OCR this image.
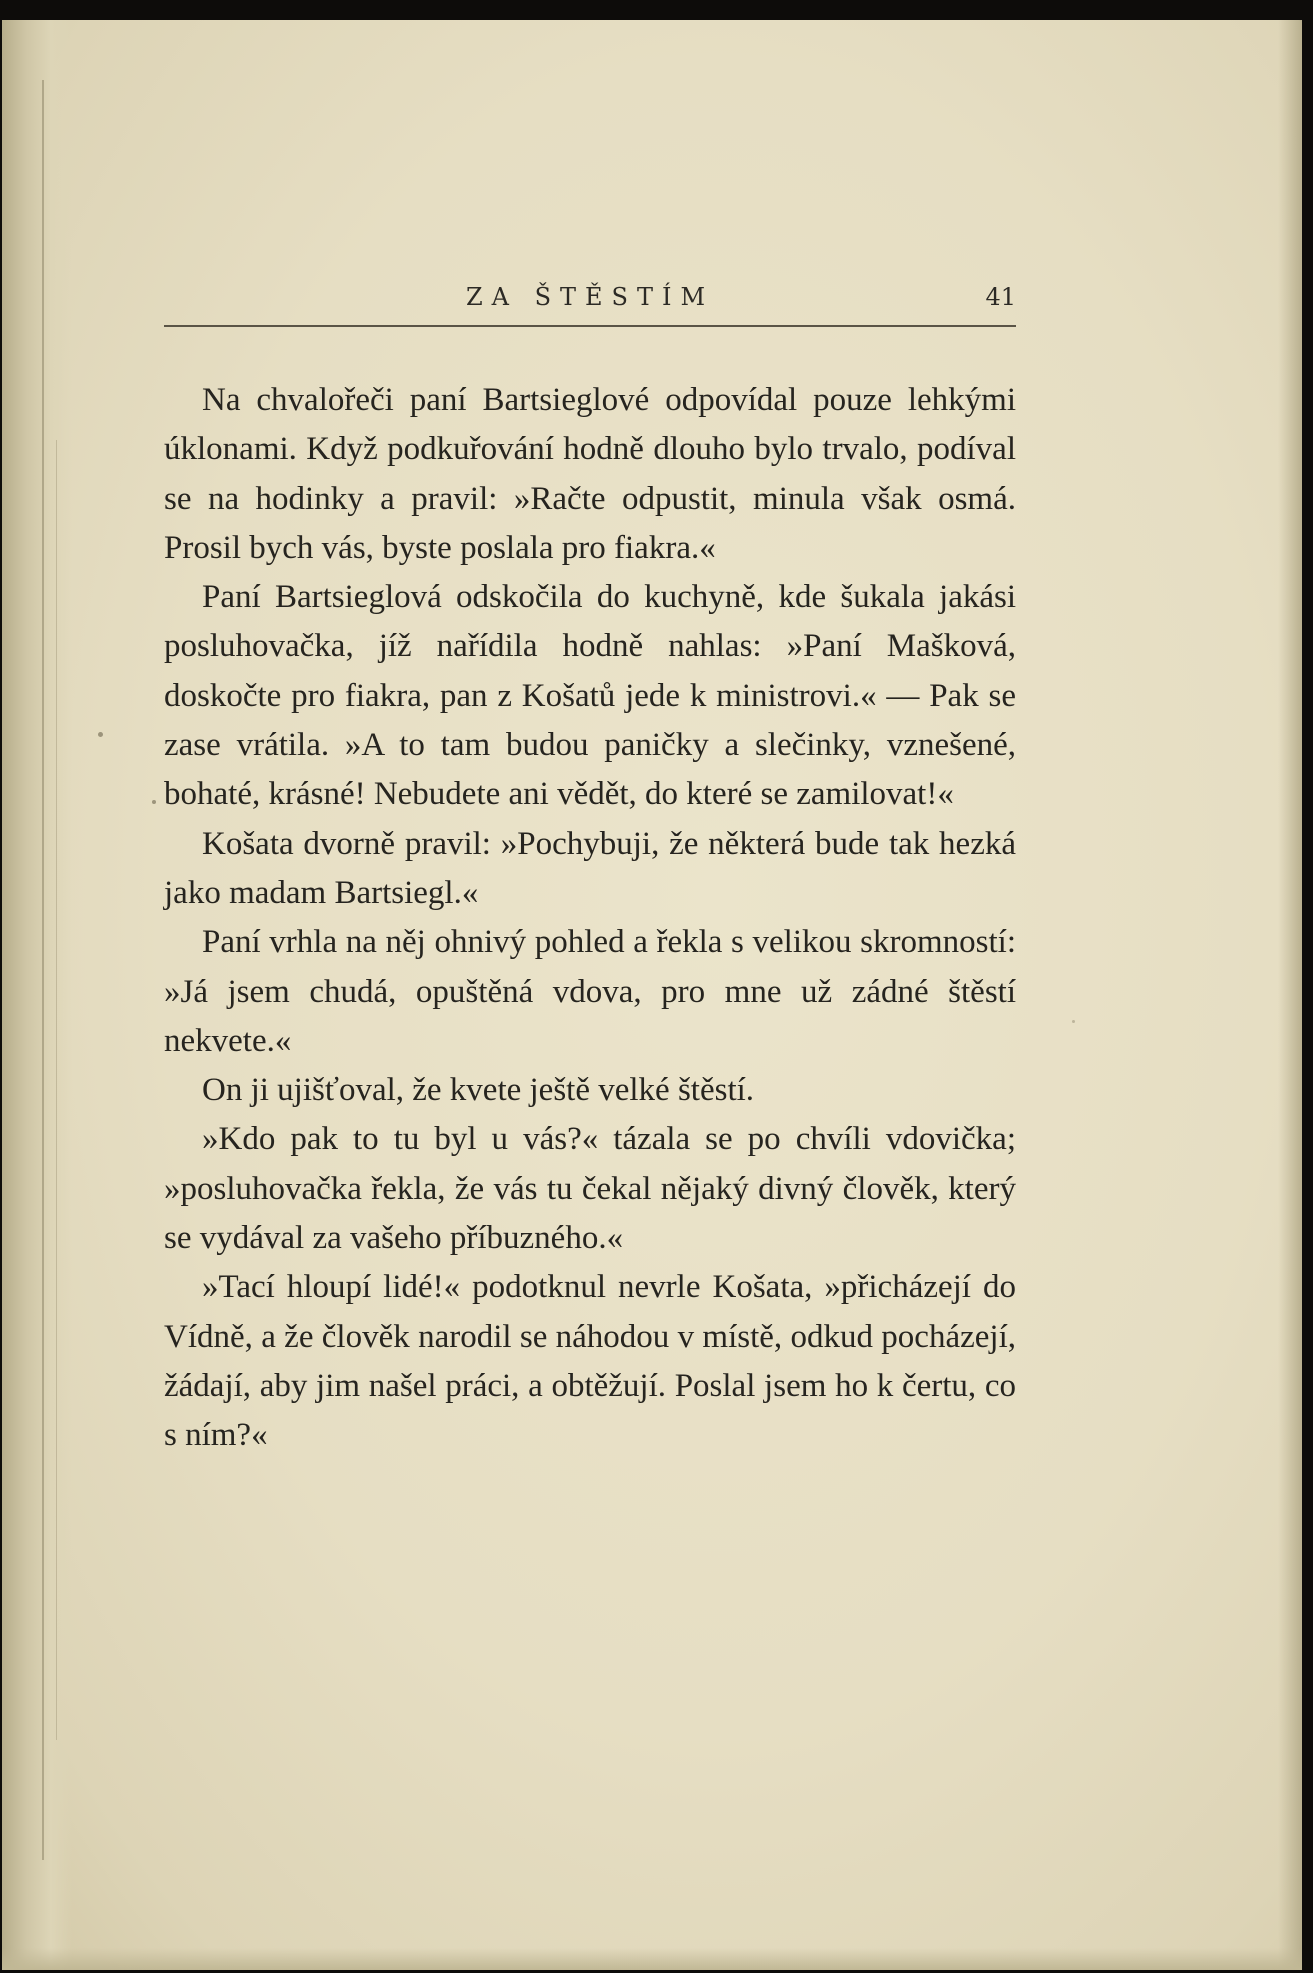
ZA ŠTĚSTÍM	41

Na chvalořeči paní Bartsieglové odpovídal pouze lehkými úklonami. Když podkuřování hodně dlouho bylo trvalo, podíval se na hodinky a pravil: »Račte odpustit, minula však osmá. Prosil bych vás, byste poslala pro fiakra.«

Paní Bartsieglová odskočila do kuchyně, kde šukala jakási posluhovačka, jíž nařídila hodně nahlas: »Paní Mašková, doskočte pro fiakra, pan z Košatů jede k ministrovi.« — Pak se zase vrátila. »A to tam budou paničky a slečinky, vznešené, bohaté, krásné! Nebudete ani vědět, do které se zamilovat!«

Košata dvorně pravil: »Pochybuji, že některá bude tak hezká jako madam Bartsiegl.«

Paní vrhla na něj ohnivý pohled a řekla s velikou skromností: »Já jsem chudá, opuštěná vdova, pro mne už zádné štěstí nekvete.«

On ji ujišťoval, že kvete ještě velké štěstí.

»Kdo pak to tu byl u vás?« tázala se po chvíli vdovička; »posluhovačka řekla, že vás tu čekal nějaký divný člověk, který se vydával za vašeho příbuzného.«

»Tací hloupí lidé!« podotknul nevrle Košata, »přicházejí do Vídně, a že člověk narodil se náhodou v místě, odkud pocházejí, žádají, aby jim našel práci, a obtěžují. Poslal jsem ho k čertu, co s ním?«
